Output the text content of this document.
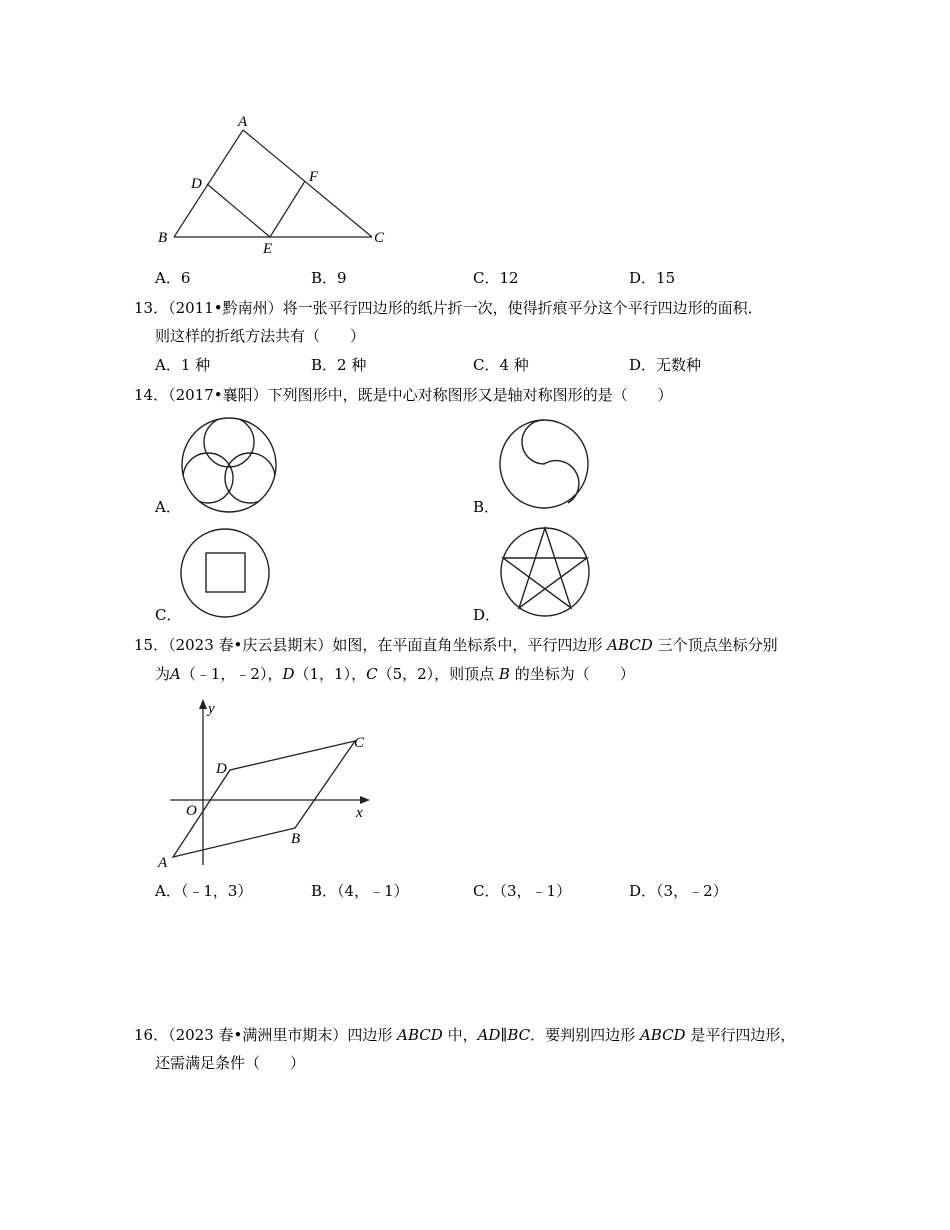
A
B	C
D
E
F
A．6	B．9	C．12	D．15
13．（2011•黔南州）将一张平行四边形的纸片折一次，使得折痕平分这个平行四边形的面积．
则这样的折纸方法共有（　　）
A．1 种	B．2 种	C．4 种	D．无数种
14．（2017•襄阳）下列图形中，既是中心对称图形又是轴对称图形的是（　　）
A．	B．
C．	D．
15．（2023 春•庆云县期末）如图，在平面直角坐标系中，平行四边形 ABCD 三个顶点坐标分别
为A（﹣1，﹣2），D（1，1），C（5，2），则顶点 B 的坐标为（　　）
y
x
O
A
B
C
D
A．（﹣1，3）	B．（4，﹣1）	C．（3，﹣1）	D．（3，﹣2）
16．（2023 春•满洲里市期末）四边形 ABCD 中，AD∥BC．要判别四边形 ABCD 是平行四边形，
还需满足条件（　　）
